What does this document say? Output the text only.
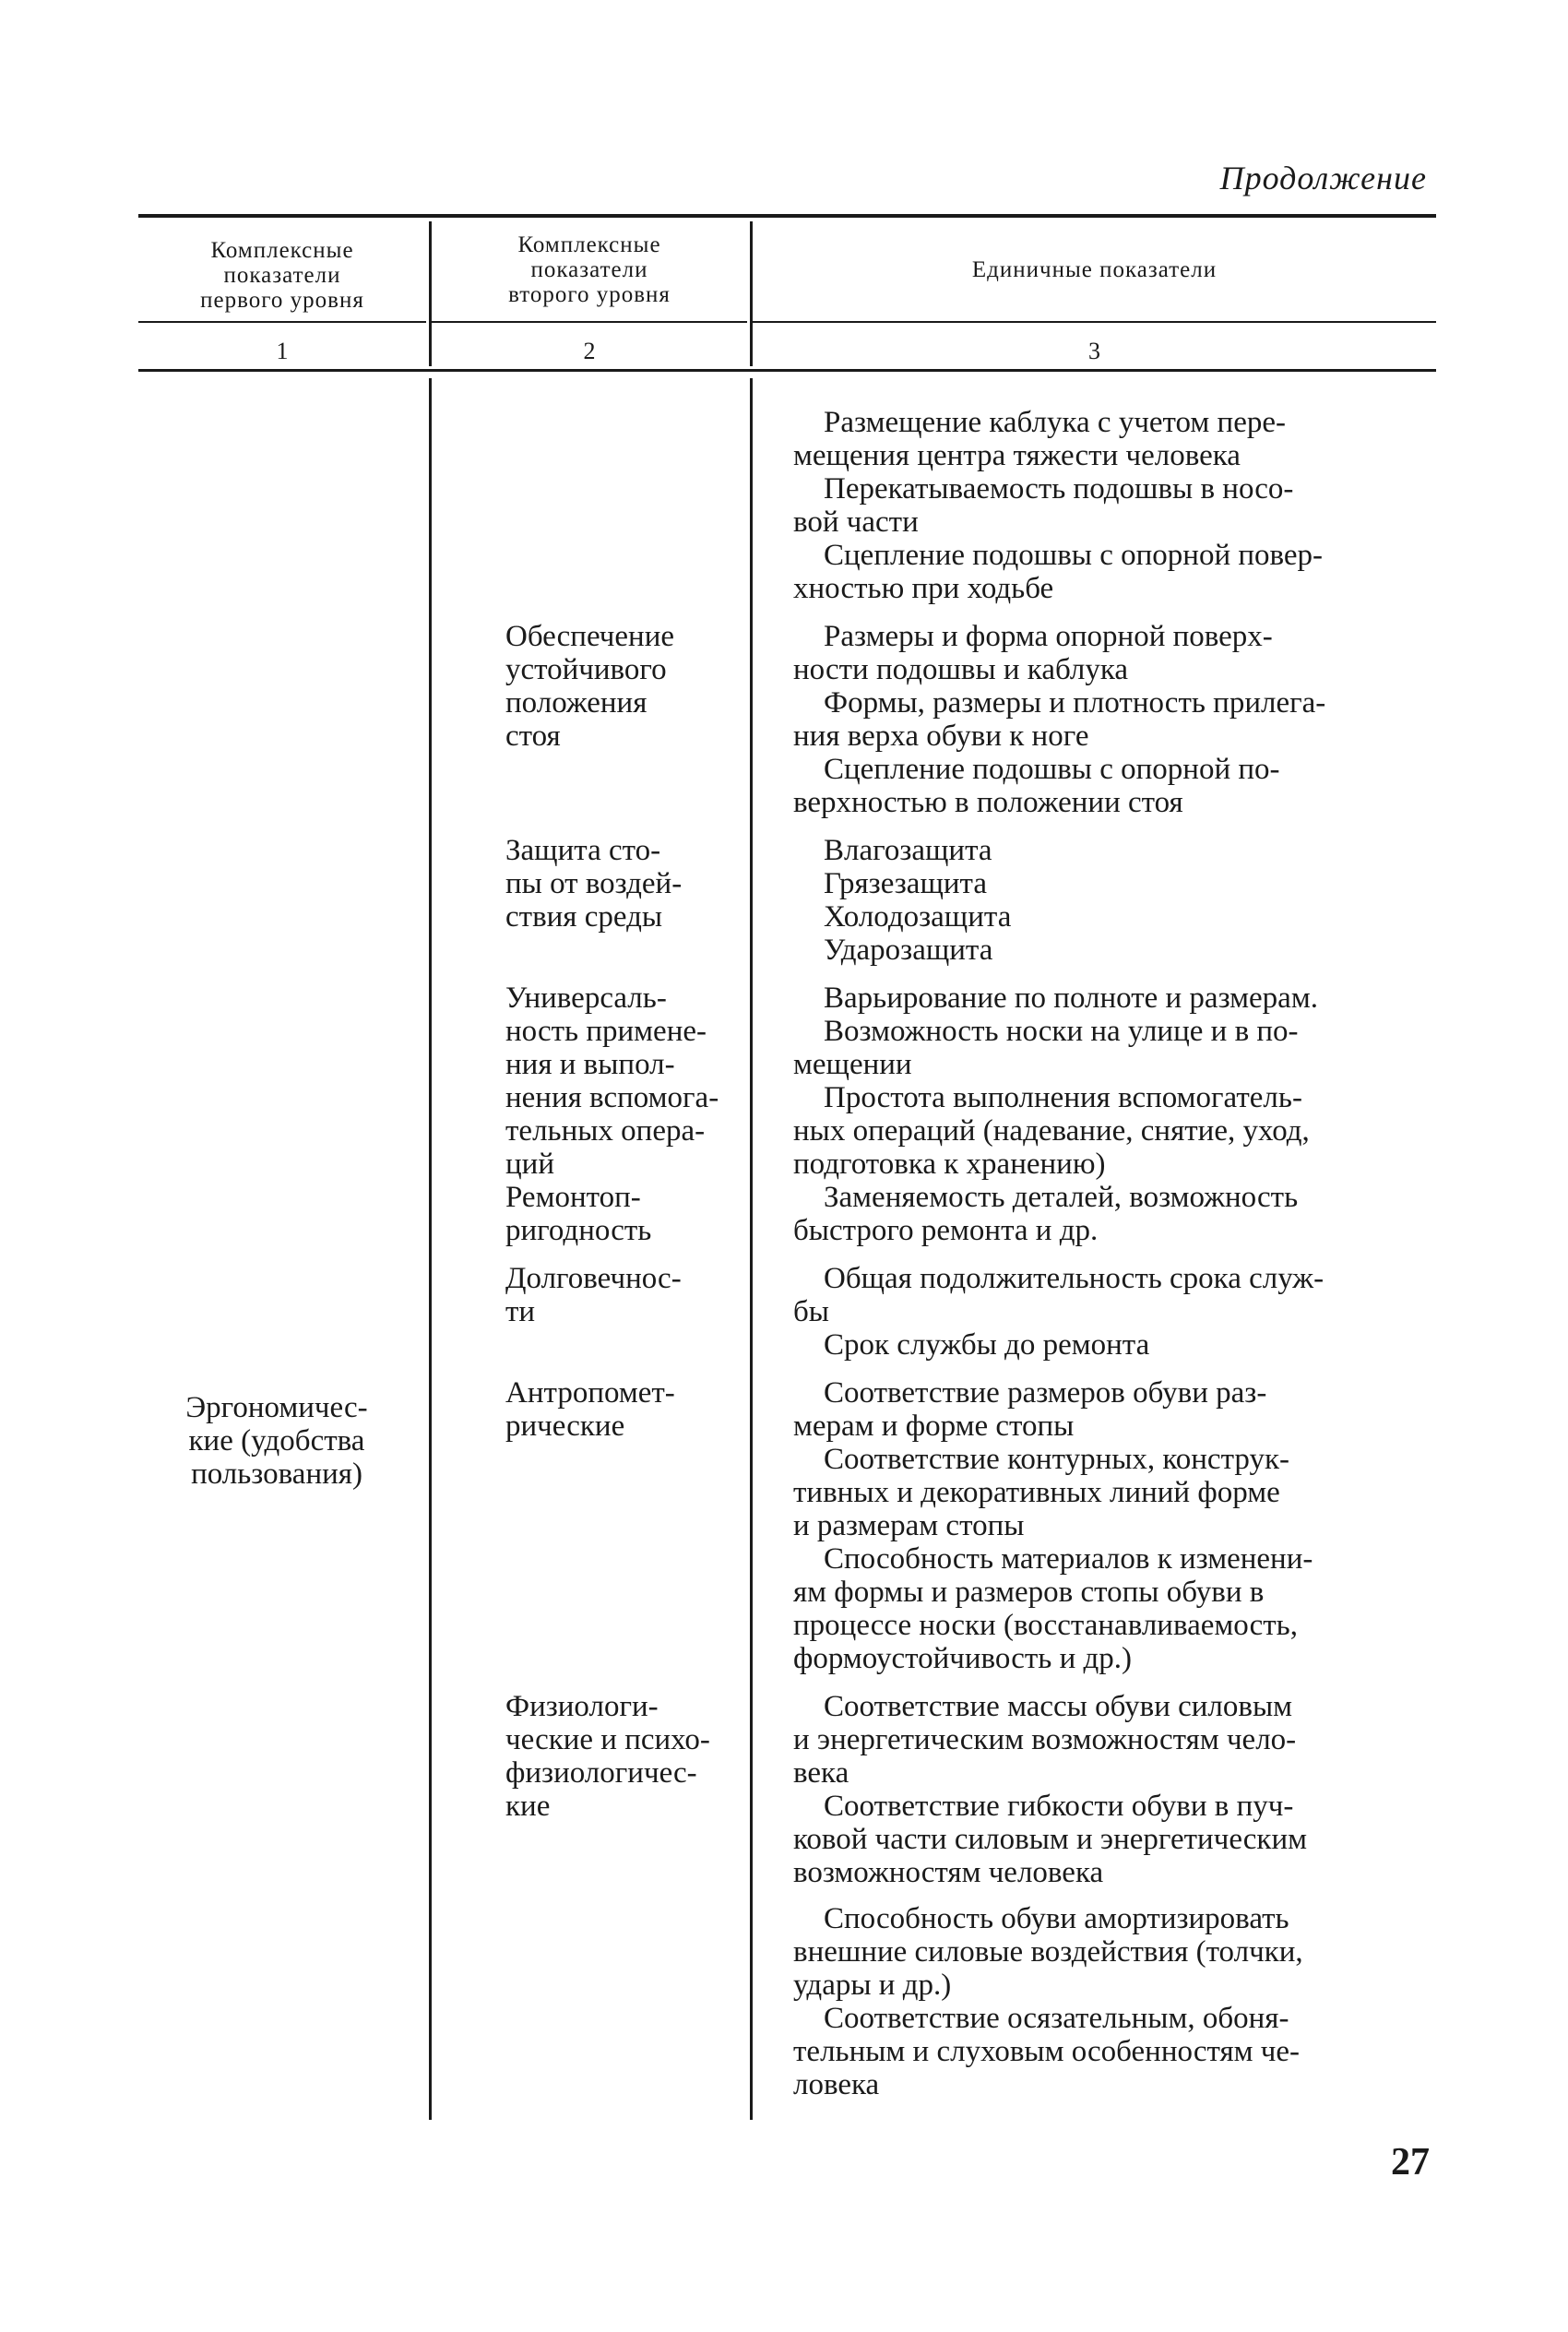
Продолжение
Комплексные
показатели
первого уровня
Комплексные
показатели
второго уровня
Единичные показатели
1	2	3
Эргономичес-
кие (удобства
пользования)

Размещение каблука с учетом пере-
мещения центра тяжести человека

Перекатываемость подошвы в носо-
вой части

Сцепление подошвы с опорной повер-
хностью при ходьбе

Обеспечение
устойчивого
положения
стоя

Размеры и форма опорной поверх-
ности подошвы и каблука

Формы, размеры и плотность прилега-
ния верха обуви к ноге

Сцепление подошвы с опорной по-
верхностью в положении стоя

Защита сто-
пы от воздей-
ствия среды

Влагозащита

Грязезащита

Холодозащита

Ударозащита

Универсаль-
ность примене-
ния и выпол-
нения вспомога-
тельных опера-
ций

Варьирование по полноте и размерам.

Возможность носки на улице и в по-
мещении

Простота выполнения вспомогатель-
ных операций (надевание, снятие, уход,
подготовка к хранению)

Ремонтоп-
ригодность

Заменяемость деталей, возможность
быстрого ремонта и др.

Долговечнос-
ти

Общая подолжительность срока служ-
бы

Срок службы до ремонта

Антропомет-
рические

Соответствие размеров обуви раз-
мерам и форме стопы

Соответствие контурных, конструк-
тивных и декоративных линий форме
и размерам стопы

Способность материалов к изменени-
ям формы и размеров стопы обуви в
процессе носки (восстанавливаемость,
формоустойчивость и др.)

Физиологи-
ческие и психо-
физиологичес-
кие

Соответствие массы обуви силовым
и энергетическим возможностям чело-
века

Соответствие гибкости обуви в пуч-
ковой части силовым и энергетическим
возможностям человека

Способность обуви амортизировать
внешние силовые воздействия (толчки,
удары и др.)

Соответствие осязательным, обоня-
тельным и слуховым особенностям че-
ловека

27
